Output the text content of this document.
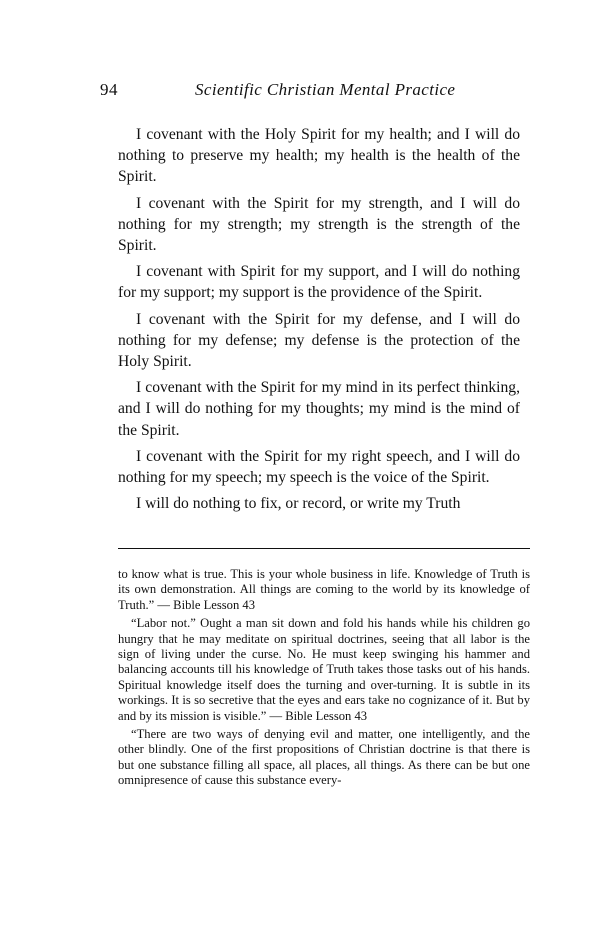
94	Scientific Christian Mental Practice

I covenant with the Holy Spirit for my health; and I will do nothing to preserve my health; my health is the health of the Spirit.

I covenant with the Spirit for my strength, and I will do nothing for my strength; my strength is the strength of the Spirit.

I covenant with Spirit for my support, and I will do nothing for my support; my support is the providence of the Spirit.

I covenant with the Spirit for my defense, and I will do nothing for my defense; my defense is the protection of the Holy Spirit.

I covenant with the Spirit for my mind in its perfect thinking, and I will do nothing for my thoughts; my mind is the mind of the Spirit.

I covenant with the Spirit for my right speech, and I will do nothing for my speech; my speech is the voice of the Spirit.

I will do nothing to fix, or record, or write my Truth

to know what is true. This is your whole business in life. Knowledge of Truth is its own demonstration. All things are coming to the world by its knowledge of Truth.” — Bible Lesson 43

“Labor not.” Ought a man sit down and fold his hands while his children go hungry that he may meditate on spiritual doctrines, seeing that all labor is the sign of living under the curse. No. He must keep swinging his hammer and balancing accounts till his knowledge of Truth takes those tasks out of his hands. Spiritual knowledge itself does the turning and over-turning. It is subtle in its workings. It is so secretive that the eyes and ears take no cognizance of it. But by and by its mission is visible.” — Bible Lesson 43

“There are two ways of denying evil and matter, one intelligently, and the other blindly. One of the first propositions of Christian doctrine is that there is but one substance filling all space, all places, all things. As there can be but one omnipresence of cause this substance every-
